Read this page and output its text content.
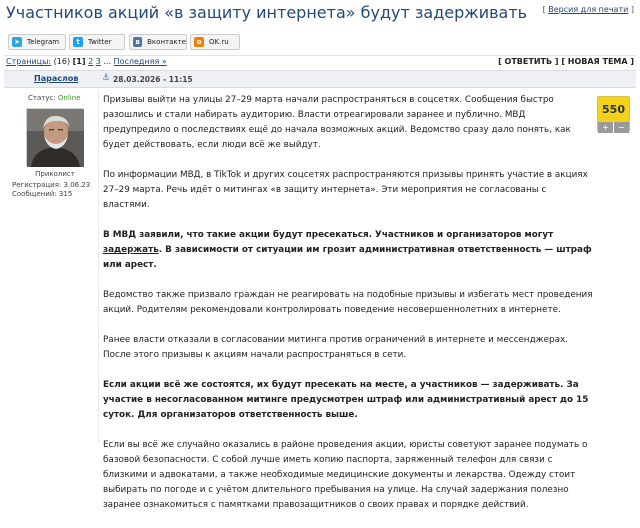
Участников акций «в защиту интернета» будут задерживать [ Версия для печати ]
➤ Telegram	t	Twitter	в	Вконтакте	o	OK.ru
Страницы: (16) [1] 2 3 ... Последняя »	[ ОТВЕТИТЬ ] [ НОВАЯ ТЕМА ]
Параслов	⚓ 28.03.2026 - 11:15
Статус: Online
Приколист
Регистрация: 3.06.23
Сообщений: 315

Призывы выйти на улицы 27–29 марта начали распространяться в соцсетях. Сообщения быстро разошлись и стали набирать аудиторию. Власти отреагировали заранее и публично. МВД предупредило о последствиях ещё до начала возможных акций. Ведомство сразу дало понять, как будет действовать, если люди всё же выйдут.

По информации МВД, в TikTok и других соцсетях распространяются призывы принять участие в акциях 27–29 марта. Речь идёт о митингах «в защиту интернета». Эти мероприятия не согласованы с властями.

В МВД заявили, что такие акции будут пресекаться. Участников и организаторов могут задержать. В зависимости от ситуации им грозит административная ответственность — штраф или арест.

Ведомство также призвало граждан не реагировать на подобные призывы и избегать мест проведения акций. Родителям рекомендовали контролировать поведение несовершеннолетних в интернете.

Ранее власти отказали в согласовании митинга против ограничений в интернете и мессенджерах. После этого призывы к акциям начали распространяться в сети.

Если акции всё же состоятся, их будут пресекать на месте, а участников — задерживать. За участие в несогласованном митинге предусмотрен штраф или административный арест до 15 суток. Для организаторов ответственность выше.

Если вы всё же случайно оказались в районе проведения акции, юристы советуют заранее подумать о базовой безопасности. С собой лучше иметь копию паспорта, заряженный телефон для связи с близкими и адвокатами, а также необходимые медицинские документы и лекарства. Одежду стоит выбирать по погоде и с учётом длительного пребывания на улице. На случай задержания полезно заранее ознакомиться с памятками правозащитников о своих правах и порядке действий.

550
+	−
